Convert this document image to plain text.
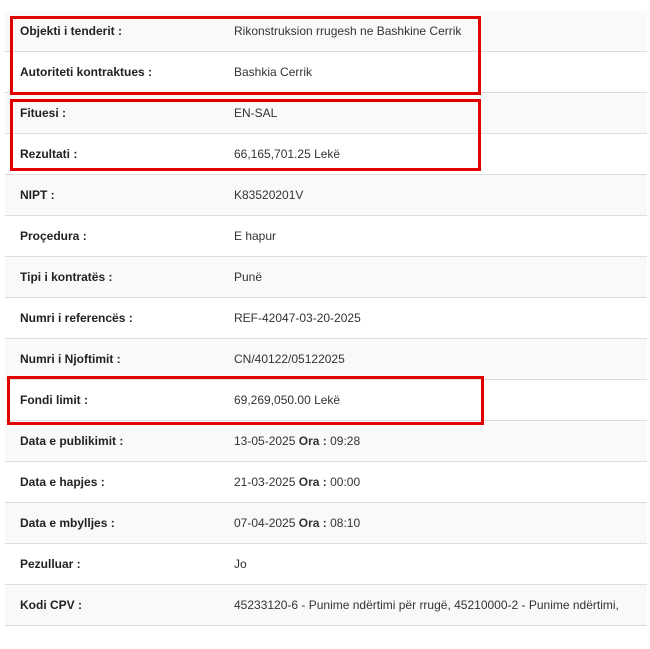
Objekti i tenderit :	Rikonstruksion rrugesh ne Bashkine Cerrik
Autoriteti kontraktues :	Bashkia Cerrik
Fituesi :	EN-SAL
Rezultati :	66,165,701.25 Lekë
NIPT :	K83520201V
Proçedura :	E hapur
Tipi i kontratës :	Punë
Numri i referencës :	REF-42047-03-20-2025
Numri i Njoftimit :	CN/40122/05122025
Fondi limit :	69,269,050.00 Lekë
Data e publikimit :	13-05-2025 Ora : 09:28
Data e hapjes :	21-03-2025 Ora : 00:00
Data e mbylljes :	07-04-2025 Ora : 08:10
Pezulluar :	Jo
Kodi CPV :	45233120-6 - Punime ndërtimi për rrugë, 45210000-2 - Punime ndërtimi,
